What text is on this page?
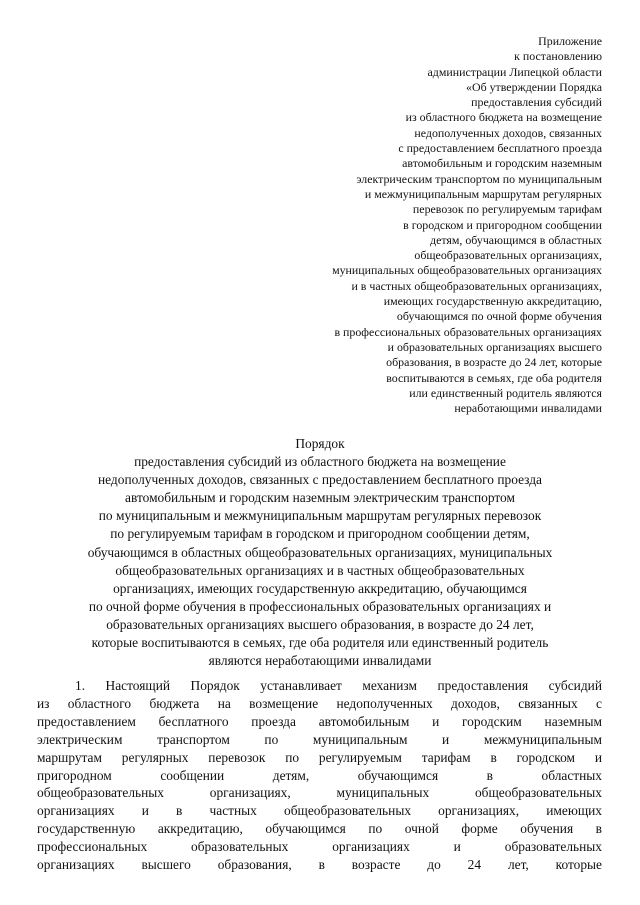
Приложение
к постановлению
администрации Липецкой области
«Об утверждении Порядка
предоставления субсидий
из областного бюджета на возмещение
недополученных доходов, связанных
с предоставлением бесплатного проезда
автомобильным и городским наземным
электрическим транспортом по муниципальным
и межмуниципальным маршрутам регулярных
перевозок по регулируемым тарифам
в городском и пригородном сообщении
детям, обучающимся в областных
общеобразовательных организациях,
муниципальных общеобразовательных организациях
и в частных общеобразовательных организациях,
имеющих государственную аккредитацию,
обучающимся по очной форме обучения
в профессиональных образовательных организациях
и образовательных организациях высшего
образования, в возрасте до 24 лет, которые
воспитываются в семьях, где оба родителя
или единственный родитель являются
неработающими инвалидами
Порядок
предоставления субсидий из областного бюджета на возмещение
недополученных доходов, связанных с предоставлением бесплатного проезда
автомобильным и городским наземным электрическим транспортом
по муниципальным и межмуниципальным маршрутам регулярных перевозок
по регулируемым тарифам в городском и пригородном сообщении детям,
обучающимся в областных общеобразовательных организациях, муниципальных
общеобразовательных организациях и в частных общеобразовательных
организациях, имеющих государственную аккредитацию, обучающимся
по очной форме обучения в профессиональных образовательных организациях и
образовательных организациях высшего образования, в возрасте до 24 лет,
которые воспитываются в семьях, где оба родителя или единственный родитель
являются неработающими инвалидами
1. Настоящий Порядок устанавливает механизм предоставления субсидий
из областного бюджета на возмещение недополученных доходов, связанных с
предоставлением бесплатного проезда автомобильным и городским наземным
электрическим транспортом по муниципальным и межмуниципальным
маршрутам регулярных перевозок по регулируемым тарифам в городском и
пригородном сообщении детям, обучающимся в областных
общеобразовательных организациях, муниципальных общеобразовательных
организациях и в частных общеобразовательных организациях, имеющих
государственную аккредитацию, обучающимся по очной форме обучения в
профессиональных образовательных организациях и образовательных
организациях высшего образования, в возрасте до 24 лет, которые
